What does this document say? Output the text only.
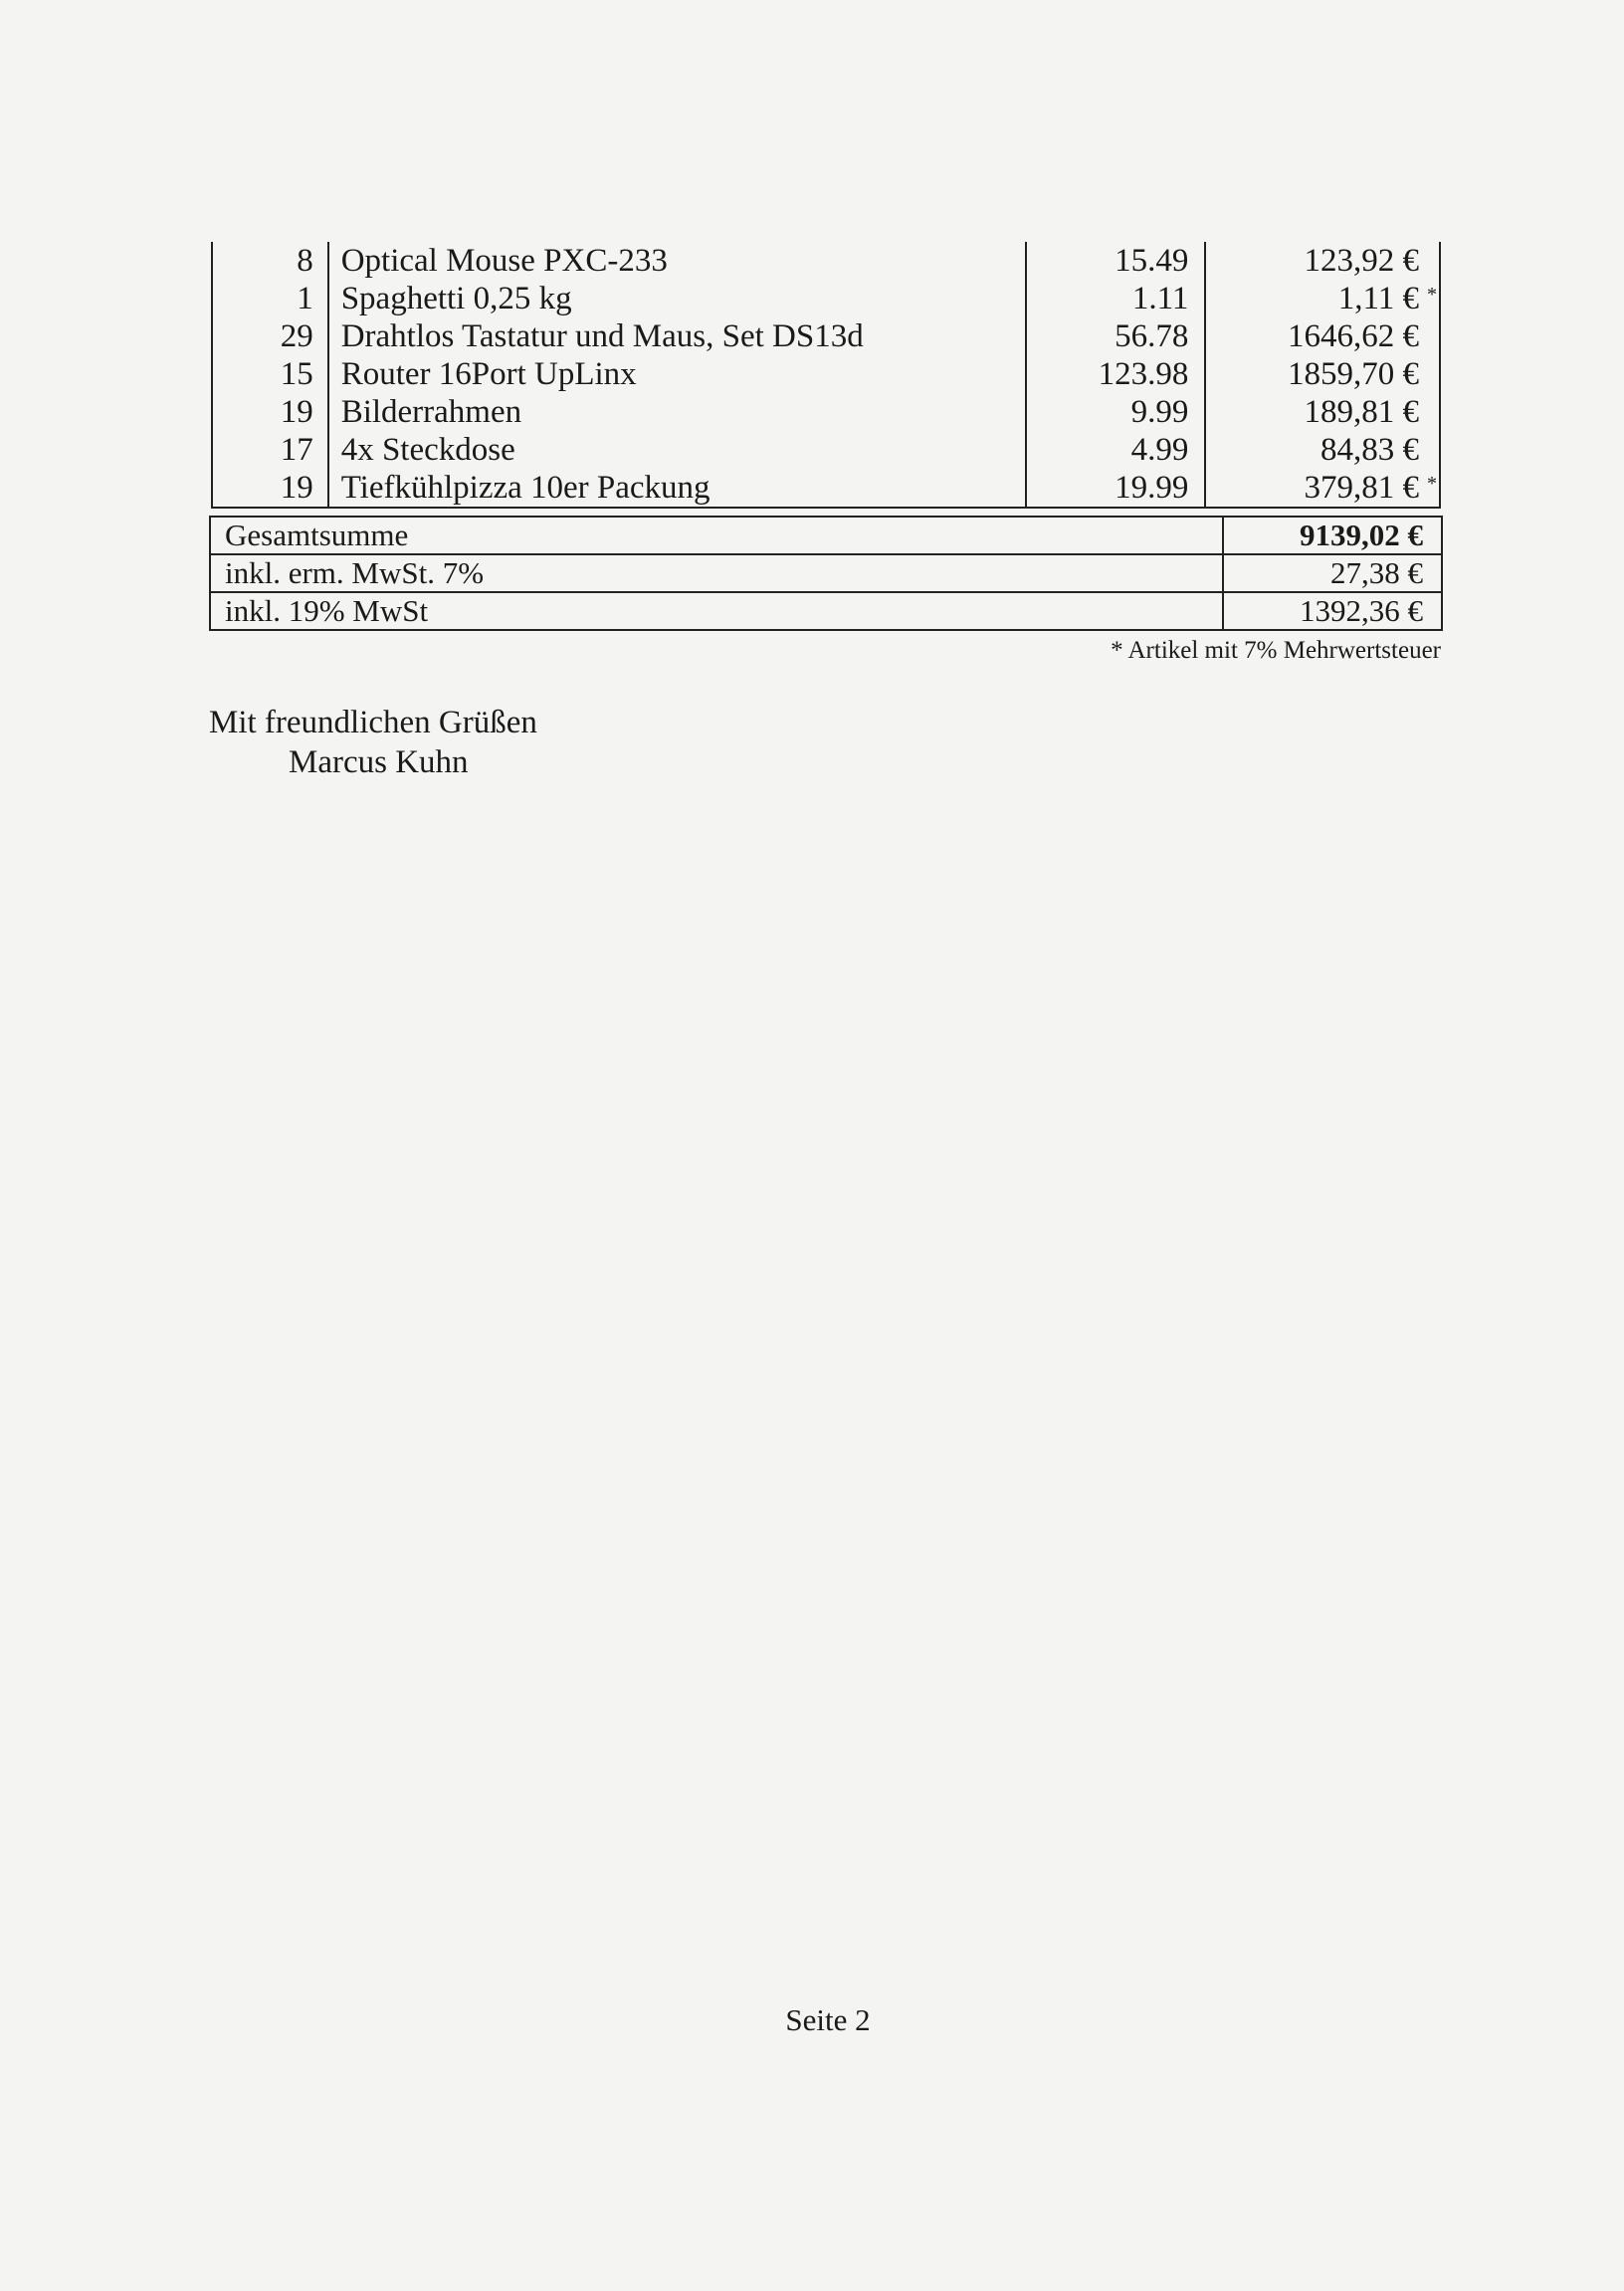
8	Optical Mouse PXC-233	15.49	123,92 €
1	Spaghetti 0,25 kg	1.11	1,11 € *

29	Drahtlos Tastatur und Maus, Set DS13d	56.78	1646,62 €
15	Router 16Port UpLinx	123.98	1859,70 €
19	Bilderrahmen	9.99	189,81 €
17	4x Steckdose	4.99	84,83 €
19	Tiefkühlpizza 10er Packung	19.99	379,81 € *
Gesamtsumme	9139,02 €
inkl. erm. MwSt. 7%	27,38 €
inkl. 19% MwSt	1392,36 €
* Artikel mit 7% Mehrwertsteuer
Mit freundlichen Grüßen
Marcus Kuhn
Seite 2
